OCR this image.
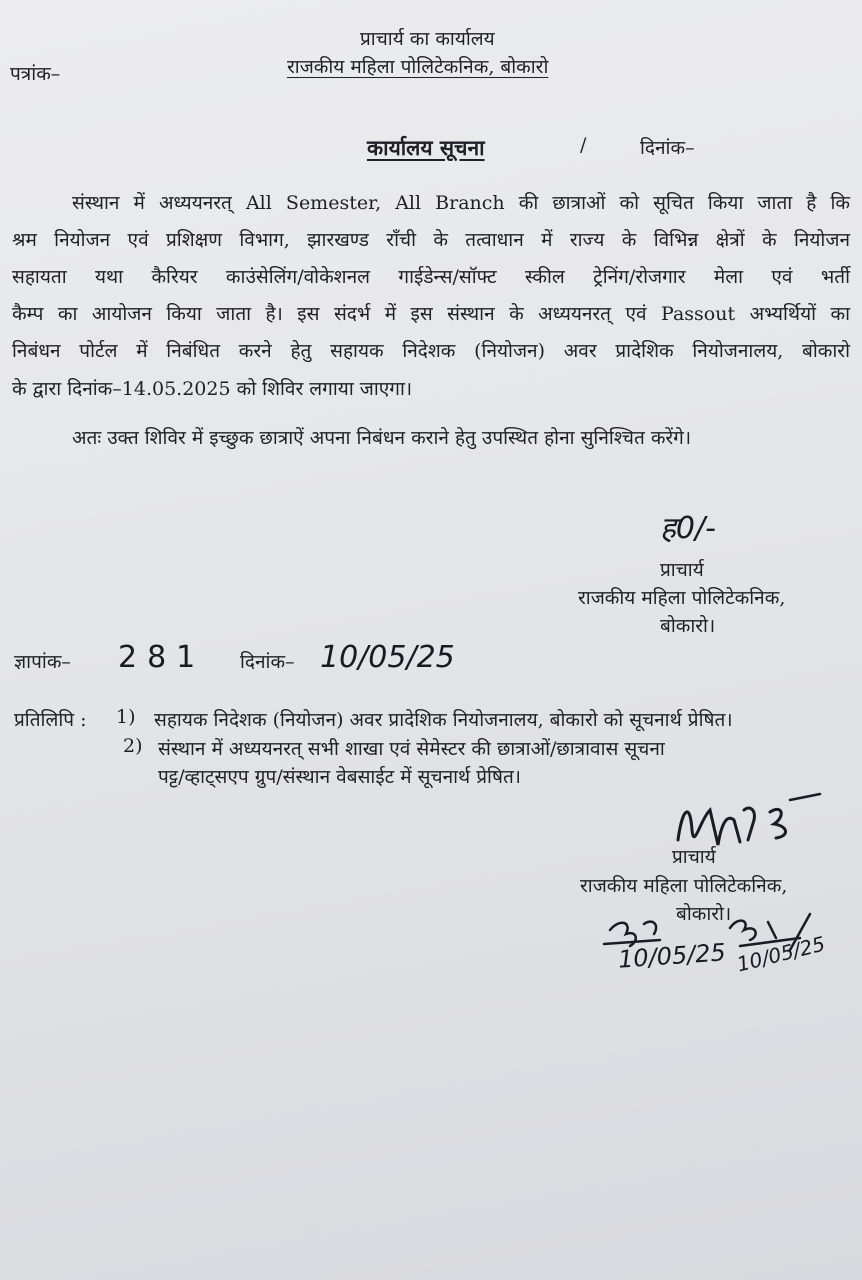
प्राचार्य का कार्यालय
राजकीय महिला पोलिटेकनिक, बोकारो
पत्रांक–
कार्यालय सूचना	/	दिनांक–
संस्थान में अध्ययनरत् All Semester, All Branch की छात्राओं को सूचित किया जाता है कि
श्रम नियोजन एवं प्रशिक्षण विभाग, झारखण्ड राँची के तत्वाधान में राज्य के विभिन्न क्षेत्रों के नियोजन
सहायता यथा कैरियर काउंसेलिंग/वोकेशनल गाईडेन्स/सॉफ्ट स्कील ट्रेनिंग/रोजगार मेला एवं भर्ती
कैम्प का आयोजन किया जाता है। इस संदर्भ में इस संस्थान के अध्ययनरत् एवं Passout अभ्यर्थियों का
निबंधन पोर्टल में निबंधित करने हेतु सहायक निदेशक (नियोजन) अवर प्रादेशिक नियोजनालय, बोकारो
के द्वारा दिनांक–14.05.2025 को शिविर लगाया जाएगा।
अतः उक्त शिविर में इच्छुक छात्राऐं अपना निबंधन कराने हेतु उपस्थित होना सुनिश्चित करेंगे।
ह0/-
प्राचार्य
राजकीय महिला पोलिटेकनिक,
बोकारो।
ज्ञापांक– 281 दिनांक– 10/05/25
प्रतिलिपि : 1) सहायक निदेशक (नियोजन) अवर प्रादेशिक नियोजनालय, बोकारो को सूचनार्थ प्रेषित।
2) संस्थान में अध्ययनरत् सभी शाखा एवं सेमेस्टर की छात्राओं/छात्रावास सूचना
पट्ट/व्हाट्सएप ग्रुप/संस्थान वेबसाईट में सूचनार्थ प्रेषित।
प्राचार्य
राजकीय महिला पोलिटेकनिक,
बोकारो।
10/05/25 10/05/25
